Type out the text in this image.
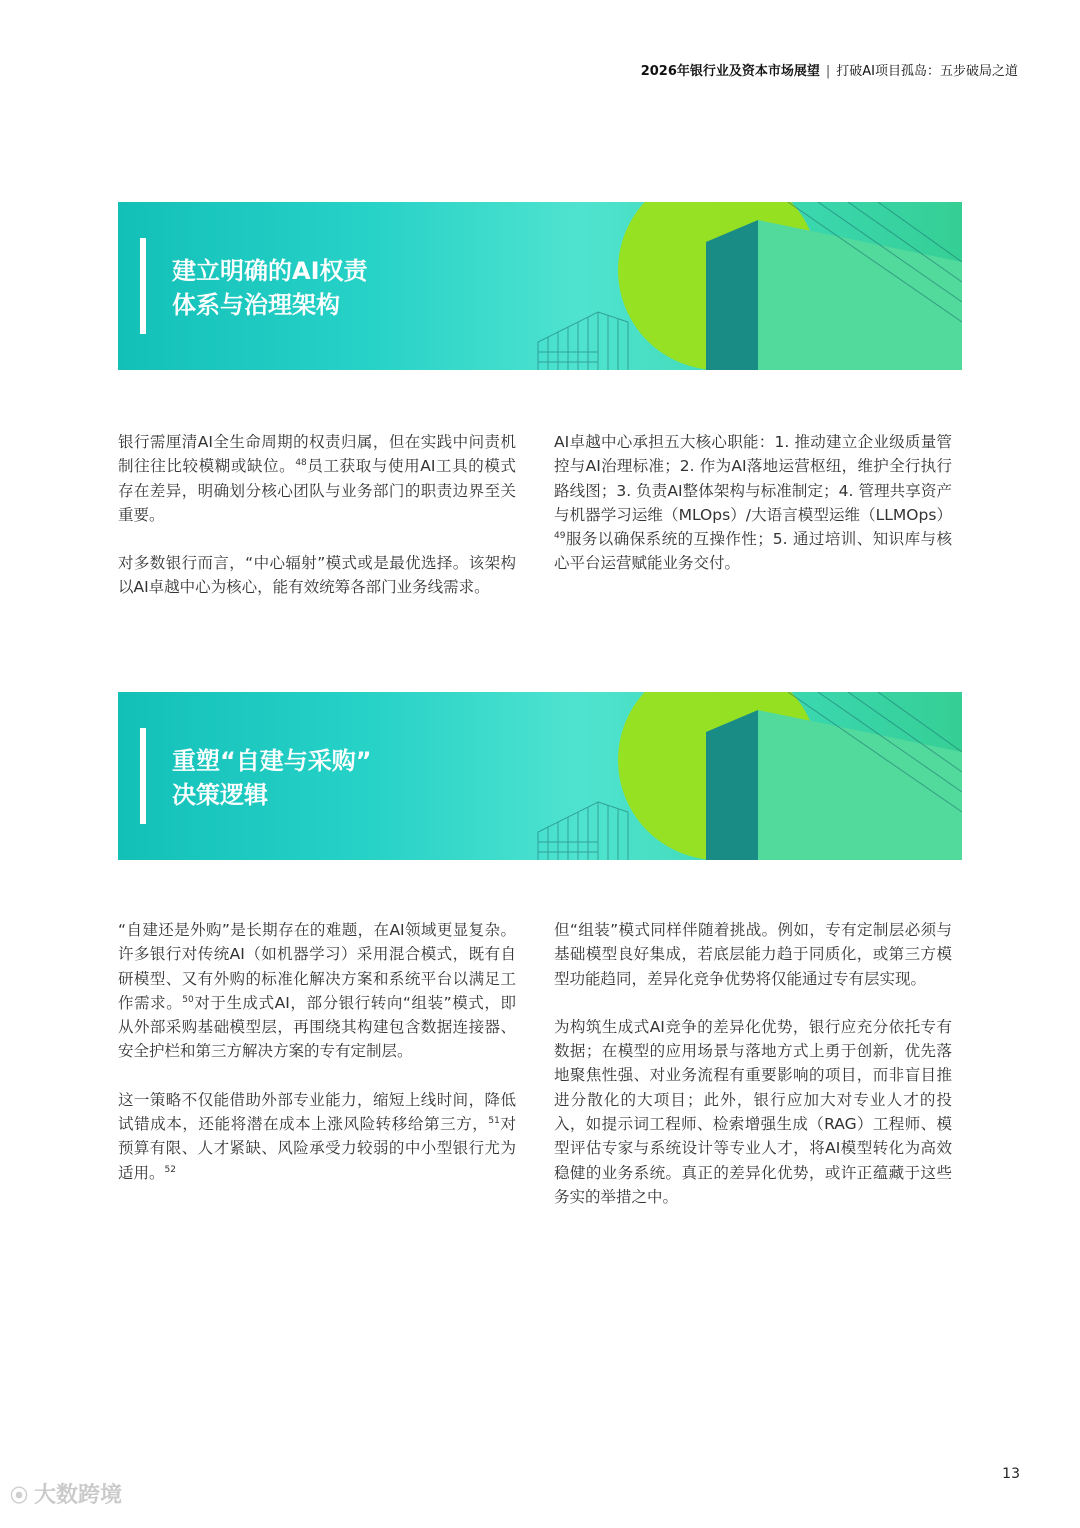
2026年银行业及资本市场展望 | 打破AI项目孤岛：五步破局之道
建立明确的AI权责
体系与治理架构

银行需厘清AI全生命周期的权责归属，但在实践中问责机制往往比较模糊或缺位。$^{48}$员工获取与使用AI工具的模式存在差异，明确划分核心团队与业务部门的职责边界至关重要。

对多数银行而言，“中心辐射”模式或是最优选择。该架构以AI卓越中心为核心，能有效统筹各部门业务线需求。

AI卓越中心承担五大核心职能：1. 推动建立企业级质量管控与AI治理标准；2. 作为AI落地运营枢纽，维护全行执行路线图；3. 负责AI整体架构与标准制定；4. 管理共享资产与机器学习运维（MLOps）/大语言模型运维（LLMOps）$^{49}$服务以确保系统的互操作性；5. 通过培训、知识库与核心平台运营赋能业务交付。

重塑“自建与采购”
决策逻辑

“自建还是外购”是长期存在的难题，在AI领域更显复杂。许多银行对传统AI（如机器学习）采用混合模式，既有自研模型、又有外购的标准化解决方案和系统平台以满足工作需求。$^{50}$对于生成式AI，部分银行转向“组装”模式，即从外部采购基础模型层，再围绕其构建包含数据连接器、安全护栏和第三方解决方案的专有定制层。

这一策略不仅能借助外部专业能力，缩短上线时间，降低试错成本，还能将潜在成本上涨风险转移给第三方，$^{51}$对预算有限、人才紧缺、风险承受力较弱的中小型银行尤为适用。$^{52}$

但“组装”模式同样伴随着挑战。例如，专有定制层必须与基础模型良好集成，若底层能力趋于同质化，或第三方模型功能趋同，差异化竞争优势将仅能通过专有层实现。

为构筑生成式AI竞争的差异化优势，银行应充分依托专有数据；在模型的应用场景与落地方式上勇于创新，优先落地聚焦性强、对业务流程有重要影响的项目，而非盲目推进分散化的大项目；此外，银行应加大对专业人才的投入，如提示词工程师、检索增强生成（RAG）工程师、模型评估专家与系统设计等专业人才，将AI模型转化为高效稳健的业务系统。真正的差异化优势，或许正蕴藏于这些务实的举措之中。

13
⦿ 大数跨境
